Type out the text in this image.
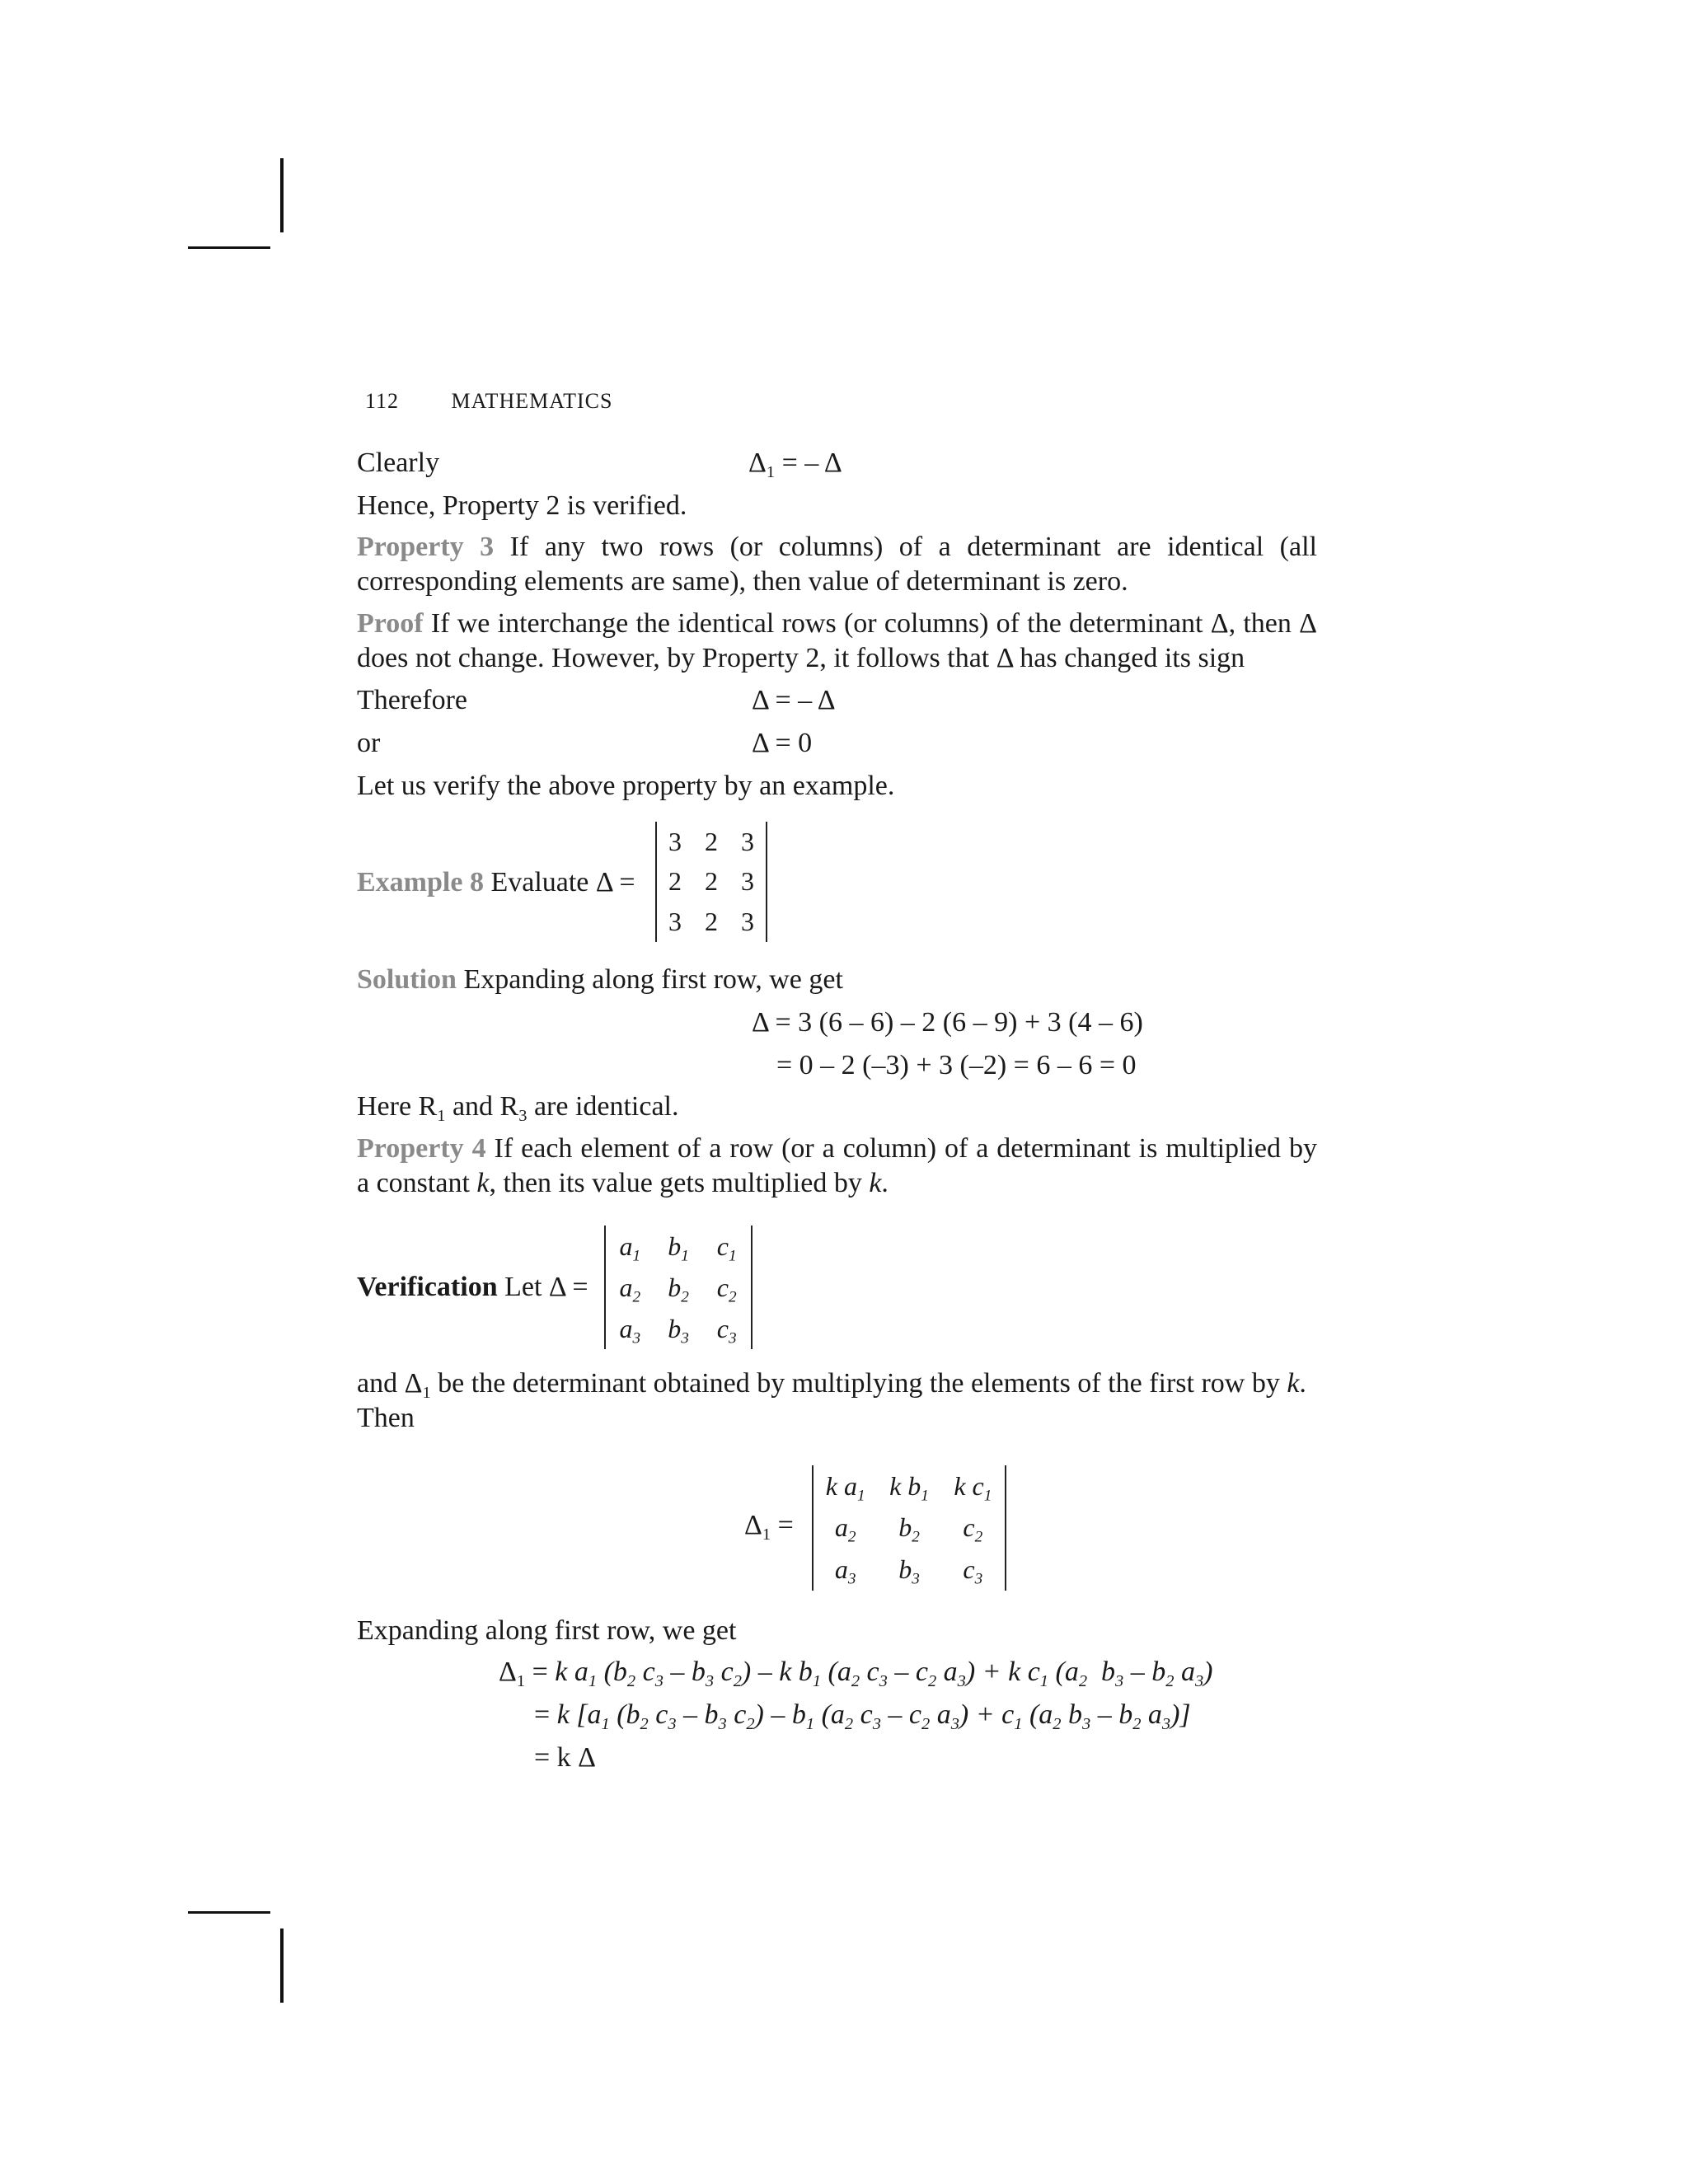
112 MATHEMATICS
Clearly	$\Delta_1$ = – Δ
Hence, Property 2 is verified.
Property 3 If any two rows (or columns) of a determinant are identical (all corresponding elements are same), then value of determinant is zero.
Proof If we interchange the identical rows (or columns) of the determinant Δ, then Δ does not change. However, by Property 2, it follows that Δ has changed its sign
Therefore	Δ = – Δ
or	Δ = 0
Let us verify the above property by an example.
Example 8 Evaluate Δ =
3 2 3
2 2 3
3 2 3
Solution Expanding along first row, we get
Δ = 3 (6 – 6) – 2 (6 – 9) + 3 (4 – 6)
= 0 – 2 (–3) + 3 (–2) = 6 – 6 = 0
Here $R_1$ and $R_3$ are identical.
Property 4 If each element of a row (or a column) of a determinant is multiplied by a constant k, then its value gets multiplied by k.
Verification Let Δ =
$a_1$ $b_1$ $c_1$
$a_2$ $b_2$ $c_2$
$a_3$ $b_3$ $c_3$
and $\Delta_1$ be the determinant obtained by multiplying the elements of the first row by k.
Then
$\Delta_1$ =
k $a_1$ k $b_1$ k $c_1$
$a_2$ $b_2$ $c_2$
$a_3$ $b_3$ $c_3$
Expanding along first row, we get
$\Delta_1 = k$ $a_1$ ($b_2$ $c_3 - b_3$ $c_2$) – k $b_1$ ($a_2$ $c_3 - c_2$ $a_3) + k$ $c_1$ ($a_2$  $b_3 - b_2$ $a_3$)
= k [$a_1$ ($b_2$ $c_3 - b_3$ $c_2) - b_1$ ($a_2$ $c_3 - c_2$ $a_3) + c_1$ ($a_2$ $b_3 - b_2$ $a_3$)]
= k Δ
